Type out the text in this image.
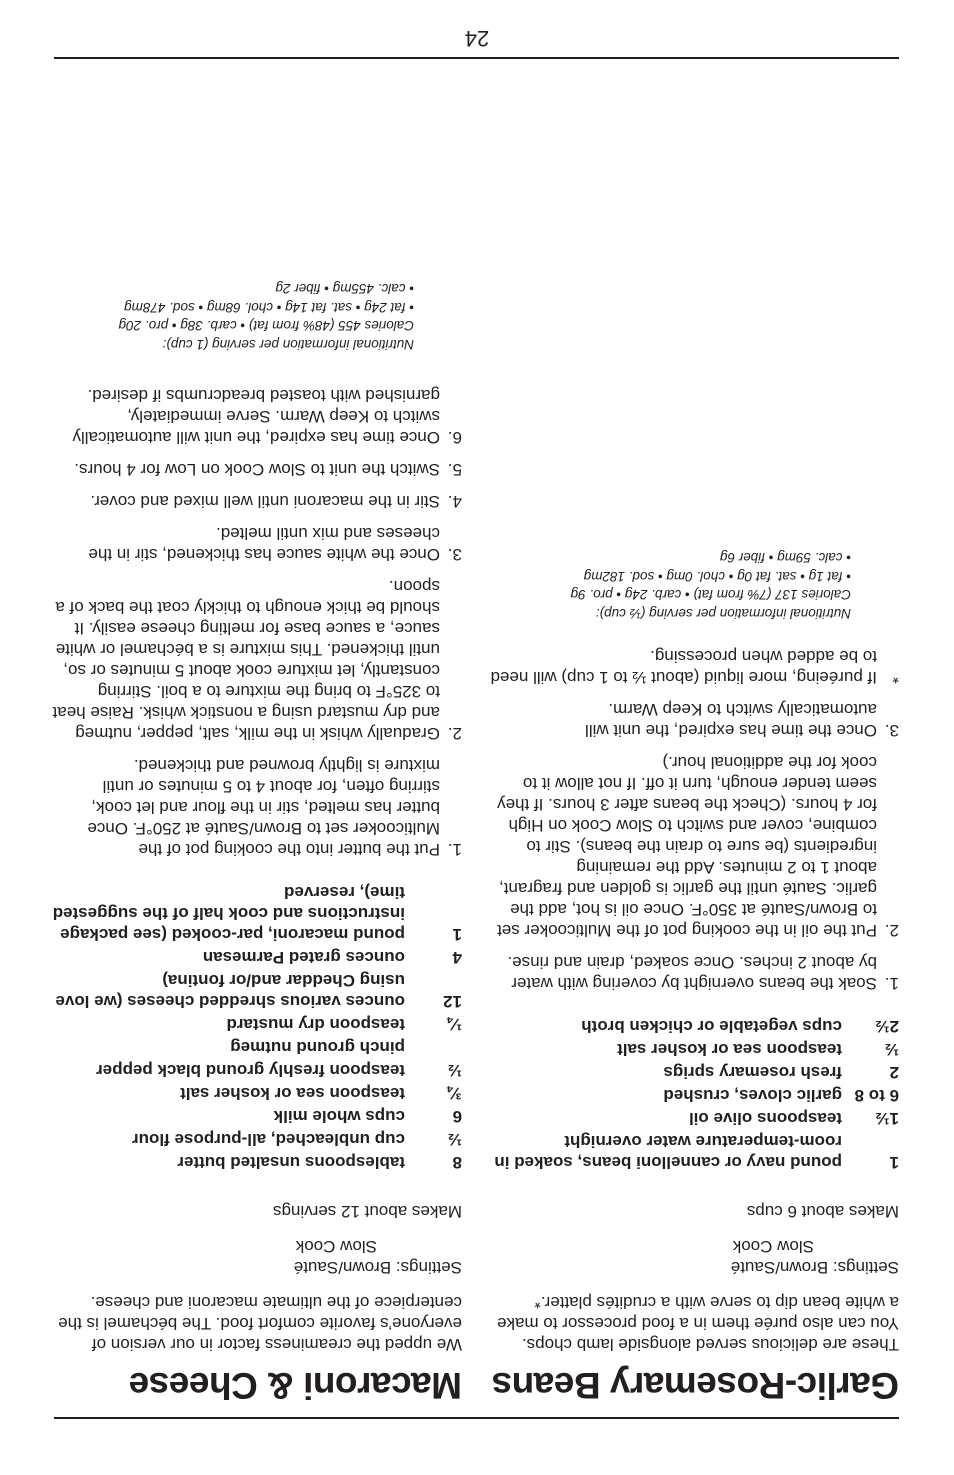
24
Garlic-Rosemary Beans

These are delicious served alongside lamb chops. You can also purée them in a food processor to make a white bean dip to serve with a crudités platter.*

Settings: Brown/Sauté
Slow Cook
Makes about 6 cups
1
pound navy or cannelloni beans, soaked in room-temperature water overnight
1½
teaspoons olive oil
6 to 8
garlic cloves, crushed
2
fresh rosemary sprigs
½
teaspoon sea or kosher salt
2½
cups vegetable or chicken broth
1.
Soak the beans overnight by covering with water by about 2 inches. Once soaked, drain and rinse.
2.
Put the oil in the cooking pot of the Multicooker set to Brown/Sauté at 350°F. Once oil is hot, add the garlic. Sauté until the garlic is golden and fragrant, about 1 to 2 minutes. Add the remaining ingredients (be sure to drain the beans). Stir to combine, cover and switch to Slow Cook on High for 4 hours. (Check the beans after 3 hours. If they seem tender enough, turn it off. If not allow it to cook for the additional hour.)
3.
Once the time has expired, the unit will automatically switch to Keep Warm.
*
If puréeing, more liquid (about ½ to 1 cup) will need to be added when processing.
Nutritional information per serving (½ cup):
Calories 137 (7% from fat) • carb. 24g • pro. 9g
• fat 1g • sat. fat 0g • chol. 0mg • sod. 182mg
• calc. 59mg • fiber 6g
Macaroni & Cheese

We upped the creaminess factor in our version of everyone’s favorite comfort food. The béchamel is the centerpiece of the ultimate macaroni and cheese.

Settings: Brown/Sauté
Slow Cook
Makes about 12 servings
8
tablespoons unsalted butter
½
cup unbleached, all-purpose flour
6
cups whole milk
¾
teaspoon sea or kosher salt
½
teaspoon freshly ground black pepper
pinch ground nutmeg
¼
teaspoon dry mustard
12
ounces various shredded cheeses (we love using Cheddar and/or fontina)
4
ounces grated Parmesan
1
pound macaroni, par-cooked (see package instructions and cook half of the suggested time), reserved
1.
Put the butter into the cooking pot of the Multicooker set to Brown/Sauté at 250°F. Once butter has melted, stir in the flour and let cook, stirring often, for about 4 to 5 minutes or until mixture is lightly browned and thickened.
2.
Gradually whisk in the milk, salt, pepper, nutmeg and dry mustard using a nonstick whisk. Raise heat to 325°F to bring the mixture to a boil. Stirring constantly, let mixture cook about 5 minutes or so, until thickened. This mixture is a béchamel or white sauce, a sauce base for melting cheese easily. It should be thick enough to thickly coat the back of a spoon.
3.
Once the white sauce has thickened, stir in the cheeses and mix until melted.
4.
Stir in the macaroni until well mixed and cover.
5.
Switch the unit to Slow Cook on Low for 4 hours.
6.
Once time has expired, the unit will automatically switch to Keep Warm. Serve immediately, garnished with toasted breadcrumbs if desired.
Nutritional information per serving (1 cup):
Calories 455 (48% from fat) • carb. 38g • pro. 20g
• fat 24g • sat. fat 14g • chol. 68mg • sod. 478mg
• calc. 455mg • fiber 2g
